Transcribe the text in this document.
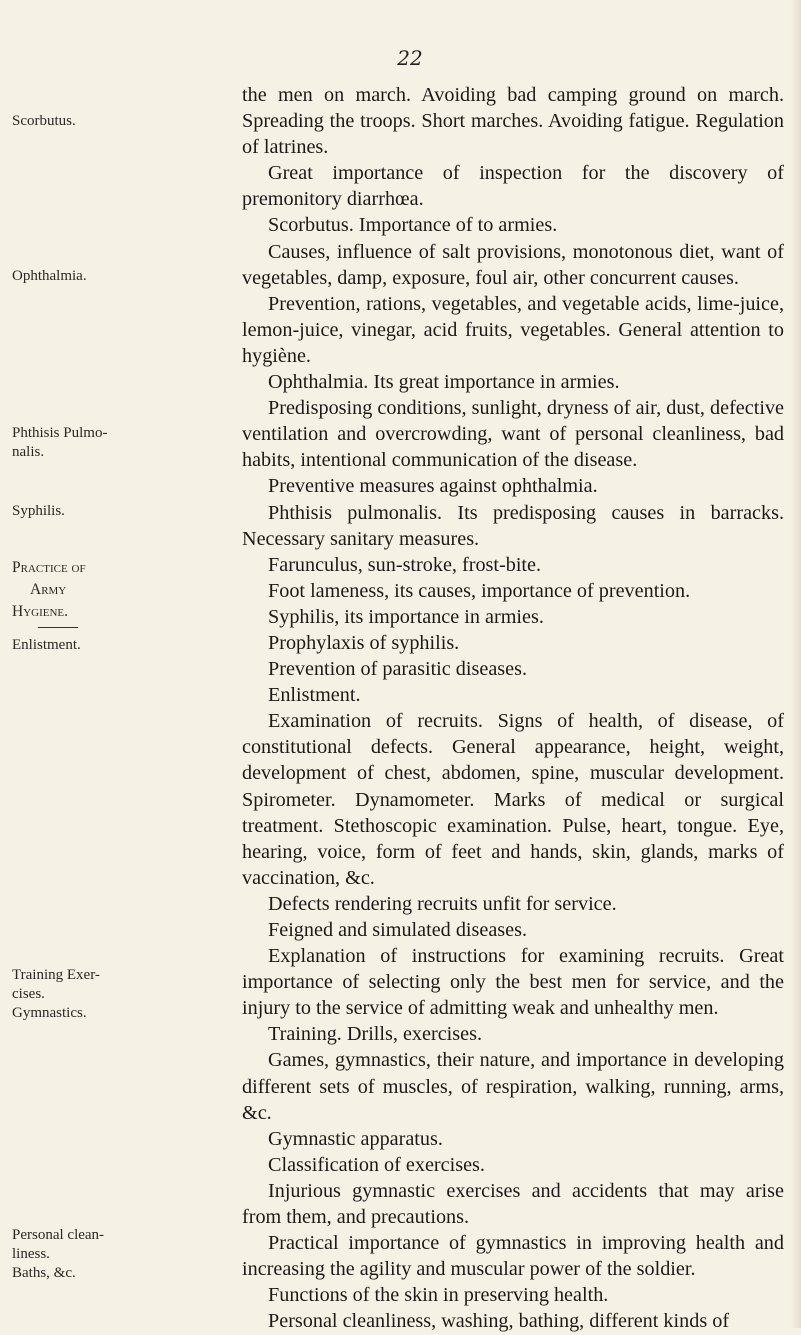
22
Scorbutus.
Ophthalmia.
Phthisis Pulmo-
nalis.
Syphilis.
Practice of
Army
Hygiene.
Enlistment.
Training Exer-
cises.
Gymnastics.
Personal clean-
liness.
Baths, &c.

the men on march. Avoiding bad camping ground on march. Spreading the troops. Short marches. Avoiding fatigue. Regulation of latrines.

Great importance of inspection for the discovery of premonitory diarrhœa.

Scorbutus. Importance of to armies.

Causes, influence of salt provisions, monotonous diet, want of vegetables, damp, exposure, foul air, other concurrent causes.

Prevention, rations, vegetables, and vegetable acids, lime-juice, lemon-juice, vinegar, acid fruits, vegetables. General attention to hygiène.

Ophthalmia. Its great importance in armies.

Predisposing conditions, sunlight, dryness of air, dust, defective ventilation and overcrowding, want of personal cleanliness, bad habits, intentional communication of the disease.

Preventive measures against ophthalmia.

Phthisis pulmonalis. Its predisposing causes in barracks. Necessary sanitary measures.

Farunculus, sun-stroke, frost-bite.

Foot lameness, its causes, importance of prevention.

Syphilis, its importance in armies.

Prophylaxis of syphilis.

Prevention of parasitic diseases.

Enlistment.

Examination of recruits. Signs of health, of disease, of constitutional defects. General appearance, height, weight, development of chest, abdomen, spine, muscular development. Spirometer. Dynamometer. Marks of medical or surgical treatment. Stethoscopic examination. Pulse, heart, tongue. Eye, hearing, voice, form of feet and hands, skin, glands, marks of vaccination, &c.

Defects rendering recruits unfit for service.

Feigned and simulated diseases.

Explanation of instructions for examining recruits. Great importance of selecting only the best men for service, and the injury to the service of admitting weak and unhealthy men.

Training. Drills, exercises.

Games, gymnastics, their nature, and importance in developing different sets of muscles, of respiration, walking, running, arms, &c.

Gymnastic apparatus.

Classification of exercises.

Injurious gymnastic exercises and accidents that may arise from them, and precautions.

Practical importance of gymnastics in improving health and increasing the agility and muscular power of the soldier.

Functions of the skin in preserving health.

Personal cleanliness, washing, bathing, different kinds of
